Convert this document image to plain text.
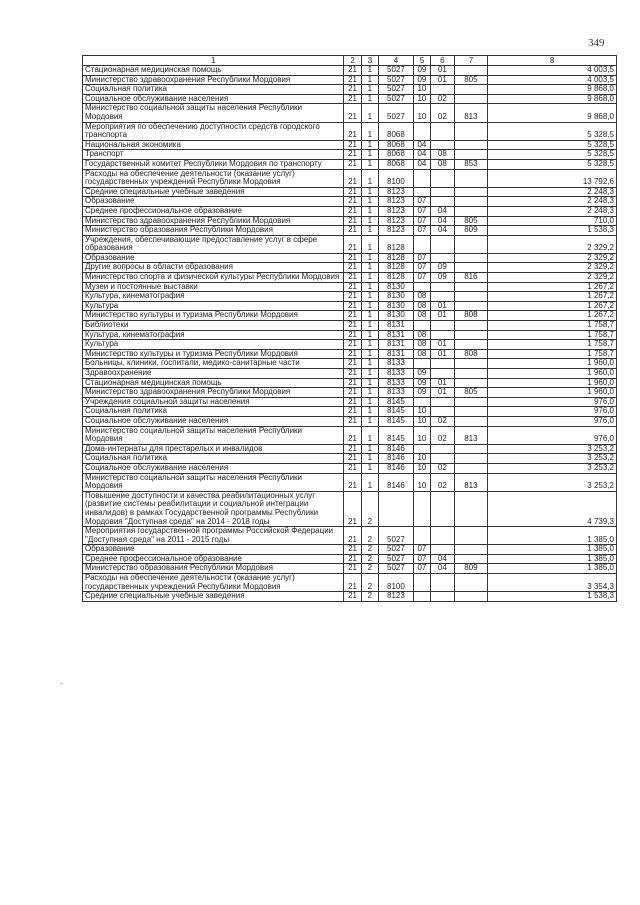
349
-
1	2	3	4	5	6	7	8
Стационарная медицинская помощь	21	1	5027	09	01		4 003,5
Министерство здравоохранения Республики Мордовия	21	1	5027	09	01	805	4 003,5
Социальная политика	21	1	5027	10			9 868,0
Социальное обслуживание населения	21	1	5027	10	02		9 868,0
Министерство социальной защиты населения Республики Мордовия	21	1	5027	10	02	813	9 868,0
Мероприятия по обеспечению доступности средств городского транспорта	21	1	8068				5 328,5
Национальная экономика	21	1	8068	04			5 328,5
Транспорт	21	1	8068	04	08		5 328,5
Государственный комитет Республики Мордовия по транспорту	21	1	8068	04	08	853	5 328,5
Расходы на обеспечение деятельности (оказание услуг) государственных учреждений Республики Мордовия	21	1	8100				13 792,6
Средние специальные учебные заведения	21	1	8123				2 248,3
Образование	21	1	8123	07			2 248,3
Среднее профессиональное образование	21	1	8123	07	04		2 248,3
Министерство здравоохранения Республики Мордовия	21	1	8123	07	04	805	710,0
Министерство образования Республики Мордовия	21	1	8123	07	04	809	1 538,3
Учреждения, обеспечивающие предоставление услуг в сфере образования	21	1	8128				2 329,2
Образование	21	1	8128	07			2 329,2
Другие вопросы в области образования	21	1	8128	07	09		2 329,2
Министерство спорта и физической культуры Республики Мордовия	21	1	8128	07	09	816	2 329,2
Музеи и постоянные выставки	21	1	8130				1 267,2
Культура, кинематография	21	1	8130	08			1 267,2
Культура	21	1	8130	08	01		1 267,2
Министерство культуры и туризма Республики Мордовия	21	1	8130	08	01	808	1 267,2
Библиотеки	21	1	8131				1 758,7
Культура, кинематография	21	1	8131	08			1 758,7
Культура	21	1	8131	08	01		1 758,7
Министерство культуры и туризма Республики Мордовия	21	1	8131	08	01	808	1 758,7
Больницы, клиники, госпитали, медико-санитарные части	21	1	8133				1 960,0
Здравоохранение	21	1	8133	09			1 960,0
Стационарная медицинская помощь	21	1	8133	09	01		1 960,0
Министерство здравоохранения Республики Мордовия	21	1	8133	09	01	805	1 960,0
Учреждения социальной защиты населения	21	1	8145				976,0
Социальная политика	21	1	8145	10			976,0
Социальное обслуживание населения	21	1	8145	10	02		976,0
Министерство социальной защиты населения Республики Мордовия	21	1	8145	10	02	813	976,0
Дома-интернаты для престарелых и инвалидов	21	1	8146				3 253,2
Социальная политика	21	1	8146	10			3 253,2
Социальное обслуживание населения	21	1	8146	10	02		3 253,2
Министерство социальной защиты населения Республики Мордовия	21	1	8146	10	02	813	3 253,2
Повышение доступности и качества реабилитационных услуг (развитие системы реабилитации и социальной интеграции инвалидов) в рамках Государственной программы Республики Мордовия "Доступная среда" на 2014 - 2018 годы	21	2					4 739,3
Мероприятия государственной программы Российской Федерации "Доступная среда" на 2011 - 2015 годы	21	2	5027				1 385,0
Образование	21	2	5027	07			1 385,0
Среднее профессиональное образование	21	2	5027	07	04		1 385,0
Министерство образования Республики Мордовия	21	2	5027	07	04	809	1 385,0
Расходы на обеспечение деятельности (оказание услуг) государственных учреждений Республики Мордовия	21	2	8100				3 354,3
Средние специальные учебные заведения	21	2	8123				1 538,3
